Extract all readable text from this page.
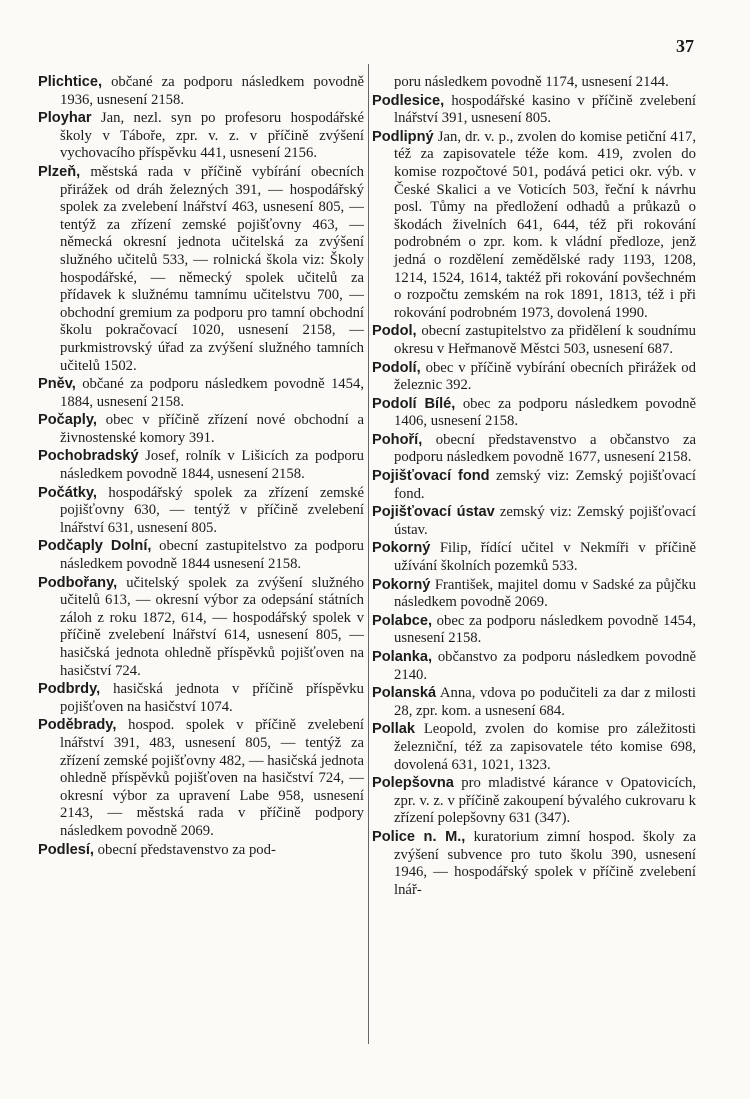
37

Plichtice, občané za podporu následkem povodně 1936, usnesení 2158.

Ployhar Jan, nezl. syn po profesoru hospodářské školy v Táboře, zpr. v. z. v příčině zvýšení vychovacího příspěvku 441, usnesení 2156.

Plzeň, městská rada v příčině vybírání obecních přirážek od dráh železných 391, — hospodářský spolek za zvelebení lnářství 463, usnesení 805, — tentýž za zřízení zemské pojišťovny 463, — německá okresní jednota učitelská za zvýšení služného učitelů 533, — rolnická škola viz: Školy hospodářské, — německý spolek učitelů za přídavek k služnému tamnímu učitelstvu 700, — obchodní gremium za podporu pro tamní obchodní školu pokračovací 1020, usnesení 2158, — purkmistrovský úřad za zvýšení služného tamních učitelů 1502.

Pněv, občané za podporu následkem povodně 1454, 1884, usnesení 2158.

Počaply, obec v příčině zřízení nové obchodní a živnostenské komory 391.

Pochobradský Josef, rolník v Lišicích za podporu následkem povodně 1844, usnesení 2158.

Počátky, hospodářský spolek za zřízení zemské pojišťovny 630, — tentýž v příčině zvelebení lnářství 631, usnesení 805.

Podčaply Dolní, obecní zastupitelstvo za podporu následkem povodně 1844 usnesení 2158.

Podbořany, učitelský spolek za zvýšení služného učitelů 613, — okresní výbor za odepsání státních záloh z roku 1872, 614, — hospodářský spolek v příčině zvelebení lnářství 614, usnesení 805, — hasičská jednota ohledně příspěvků pojišťoven na hasičství 724.

Podbrdy, hasičská jednota v příčině příspěvku pojišťoven na hasičství 1074.

Poděbrady, hospod. spolek v příčině zvelebení lnářství 391, 483, usnesení 805, — tentýž za zřízení zemské pojišťovny 482, — hasičská jednota ohledně příspěvků pojišťoven na hasičství 724, — okresní výbor za upravení Labe 958, usnesení 2143, — městská rada v příčině podpory následkem povodně 2069.

Podlesí, obecní představenstvo za pod-

poru následkem povodně 1174, usnesení 2144.

Podlesice, hospodářské kasino v příčině zvelebení lnářství 391, usnesení 805.

Podlipný Jan, dr. v. p., zvolen do komise petiční 417, též za zapisovatele téže kom. 419, zvolen do komise rozpočtové 501, podává petici okr. výb. v České Skalici a ve Voticích 503, řeční k návrhu posl. Tůmy na předložení odhadů a průkazů o škodách živelních 641, 644, též při rokování podrobném o zpr. kom. k vládní předloze, jenž jedná o rozdělení zemědělské rady 1193, 1208, 1214, 1524, 1614, taktéž při rokování povšechném o rozpočtu zemském na rok 1891, 1813, též i při rokování podrobném 1973, dovolená 1990.

Podol, obecní zastupitelstvo za přidělení k soudnímu okresu v Heřmanově Městci 503, usnesení 687.

Podolí, obec v příčině vybírání obecních přirážek od železnic 392.

Podolí Bílé, obec za podporu následkem povodně 1406, usnesení 2158.

Pohoří, obecní představenstvo a občanstvo za podporu následkem povodně 1677, usnesení 2158.

Pojišťovací fond zemský viz: Zemský pojišťovací fond.

Pojišťovací ústav zemský viz: Zemský pojišťovací ústav.

Pokorný Filip, řídící učitel v Nekmíři v příčině užívání školních pozemků 533.

Pokorný František, majitel domu v Sadské za půjčku následkem povodně 2069.

Polabce, obec za podporu následkem povodně 1454, usnesení 2158.

Polanka, občanstvo za podporu následkem povodně 2140.

Polanská Anna, vdova po podučiteli za dar z milosti 28, zpr. kom. a usnesení 684.

Pollak Leopold, zvolen do komise pro záležitosti železniční, též za zapisovatele této komise 698, dovolená 631, 1021, 1323.

Polepšovna pro mladistvé kárance v Opatovicích, zpr. v. z. v příčině zakoupení bývalého cukrovaru k zřízení polepšovny 631 (347).

Police n. M., kuratorium zimní hospod. školy za zvýšení subvence pro tuto školu 390, usnesení 1946, — hospodářský spolek v příčině zvelebení lnář-
